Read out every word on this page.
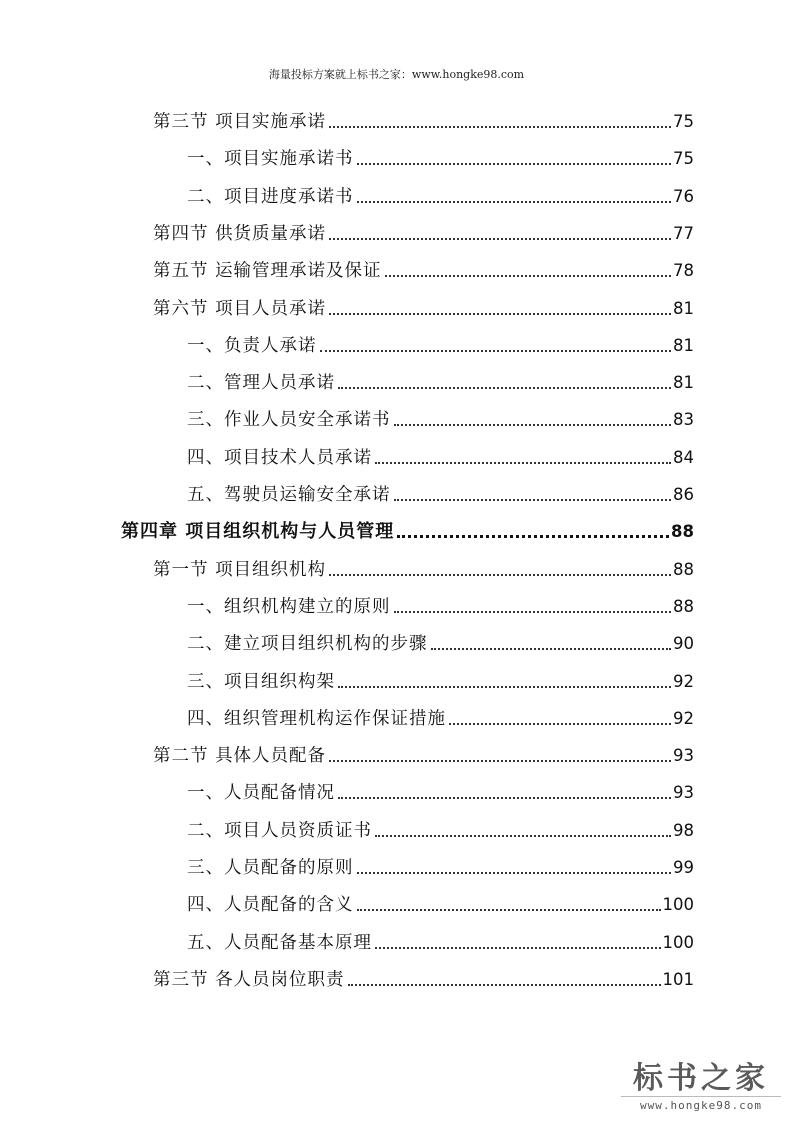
海量投标方案就上标书之家：www.hongke98.com
第三节 项目实施承诺	75
一、项目实施承诺书	75
二、项目进度承诺书	76
第四节 供货质量承诺	77
第五节 运输管理承诺及保证	78
第六节 项目人员承诺	81
一、负责人承诺	81
二、管理人员承诺	81
三、作业人员安全承诺书	83
四、项目技术人员承诺	84
五、驾驶员运输安全承诺	86
第四章 项目组织机构与人员管理	88
第一节 项目组织机构	88
一、组织机构建立的原则	88
二、建立项目组织机构的步骤	90
三、项目组织构架	92
四、组织管理机构运作保证措施	92
第二节 具体人员配备	93
一、人员配备情况	93
二、项目人员资质证书	98
三、人员配备的原则	99
四、人员配备的含义	100
五、人员配备基本原理	100
第三节 各人员岗位职责	101
标书之家
www.hongke98.com
